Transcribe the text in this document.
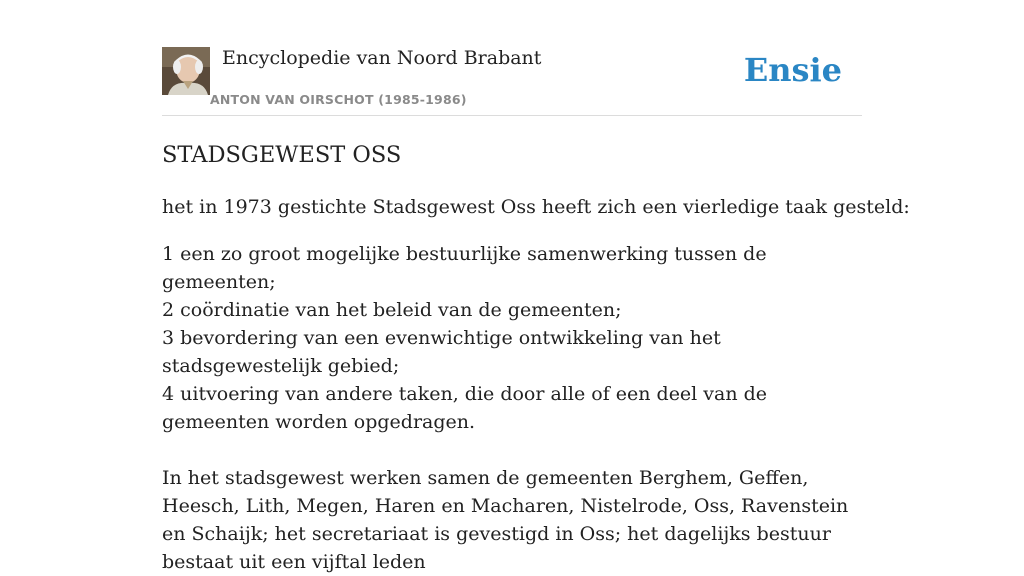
Encyclopedie van Noord Brabant
ANTON VAN OIRSCHOT (1985-1986)
Ensie
STADSGEWEST OSS

het in 1973 gestichte Stadsgewest Oss heeft zich een vierledige taak gesteld:

1 een zo groot mogelijke bestuurlijke samenwerking tussen de gemeenten;
2 coördinatie van het beleid van de gemeenten;
3 bevordering van een evenwichtige ontwikkeling van het stadsgewestelijk gebied;
4 uitvoering van andere taken, die door alle of een deel van de gemeenten worden opgedragen.

In het stadsgewest werken samen de gemeenten Berghem, Geffen, Heesch, Lith, Megen, Haren en Macharen, Nistelrode, Oss, Ravenstein en Schaijk; het secretariaat is gevestigd in Oss; het dagelijks bestuur bestaat uit een vijftal leden
